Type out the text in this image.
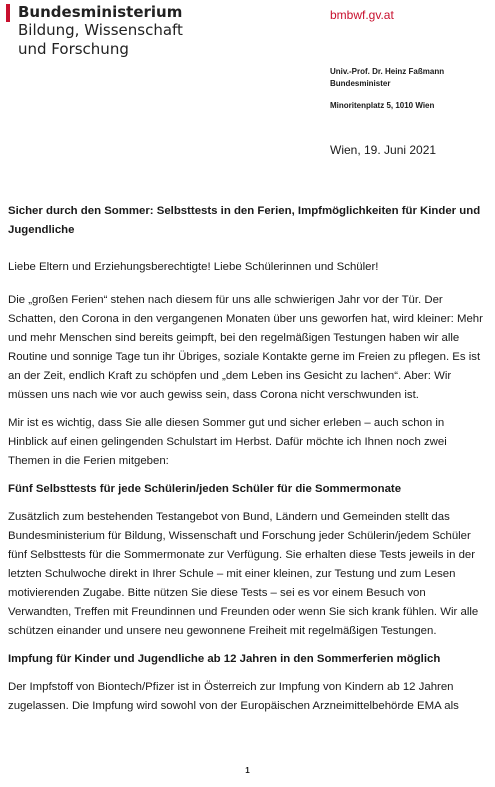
Bundesministerium
Bildung, Wissenschaft
und Forschung
bmbwf.gv.at
Univ.-Prof. Dr. Heinz Faßmann
Bundesminister
Minoritenplatz 5, 1010 Wien
Wien, 19. Juni 2021

Sicher durch den Sommer: Selbsttests in den Ferien, Impfmöglichkeiten für Kinder und Jugendliche

Liebe Eltern und Erziehungsberechtigte! Liebe Schülerinnen und Schüler!

Die „großen Ferien“ stehen nach diesem für uns alle schwierigen Jahr vor der Tür. Der Schatten, den Corona in den vergangenen Monaten über uns geworfen hat, wird kleiner: Mehr und mehr Menschen sind bereits geimpft, bei den regelmäßigen Testungen haben wir alle Routine und sonnige Tage tun ihr Übriges, soziale Kontakte gerne im Freien zu pflegen. Es ist an der Zeit, endlich Kraft zu schöpfen und „dem Leben ins Gesicht zu lachen“. Aber: Wir müssen uns nach wie vor auch gewiss sein, dass Corona nicht verschwunden ist.

Mir ist es wichtig, dass Sie alle diesen Sommer gut und sicher erleben – auch schon in Hinblick auf einen gelingenden Schulstart im Herbst. Dafür möchte ich Ihnen noch zwei Themen in die Ferien mitgeben:

Fünf Selbsttests für jede Schülerin/jeden Schüler für die Sommermonate

Zusätzlich zum bestehenden Testangebot von Bund, Ländern und Gemeinden stellt das Bundesministerium für Bildung, Wissenschaft und Forschung jeder Schülerin/jedem Schüler fünf Selbsttests für die Sommermonate zur Verfügung. Sie erhalten diese Tests jeweils in der letzten Schulwoche direkt in Ihrer Schule – mit einer kleinen, zur Testung und zum Lesen motivierenden Zugabe. Bitte nützen Sie diese Tests – sei es vor einem Besuch von Verwandten, Treffen mit Freundinnen und Freunden oder wenn Sie sich krank fühlen. Wir alle schützen einander und unsere neu gewonnene Freiheit mit regelmäßigen Testungen.

Impfung für Kinder und Jugendliche ab 12 Jahren in den Sommerferien möglich

Der Impfstoff von Biontech/Pfizer ist in Österreich zur Impfung von Kindern ab 12 Jahren zugelassen. Die Impfung wird sowohl von der Europäischen Arzneimittelbehörde EMA als

1
